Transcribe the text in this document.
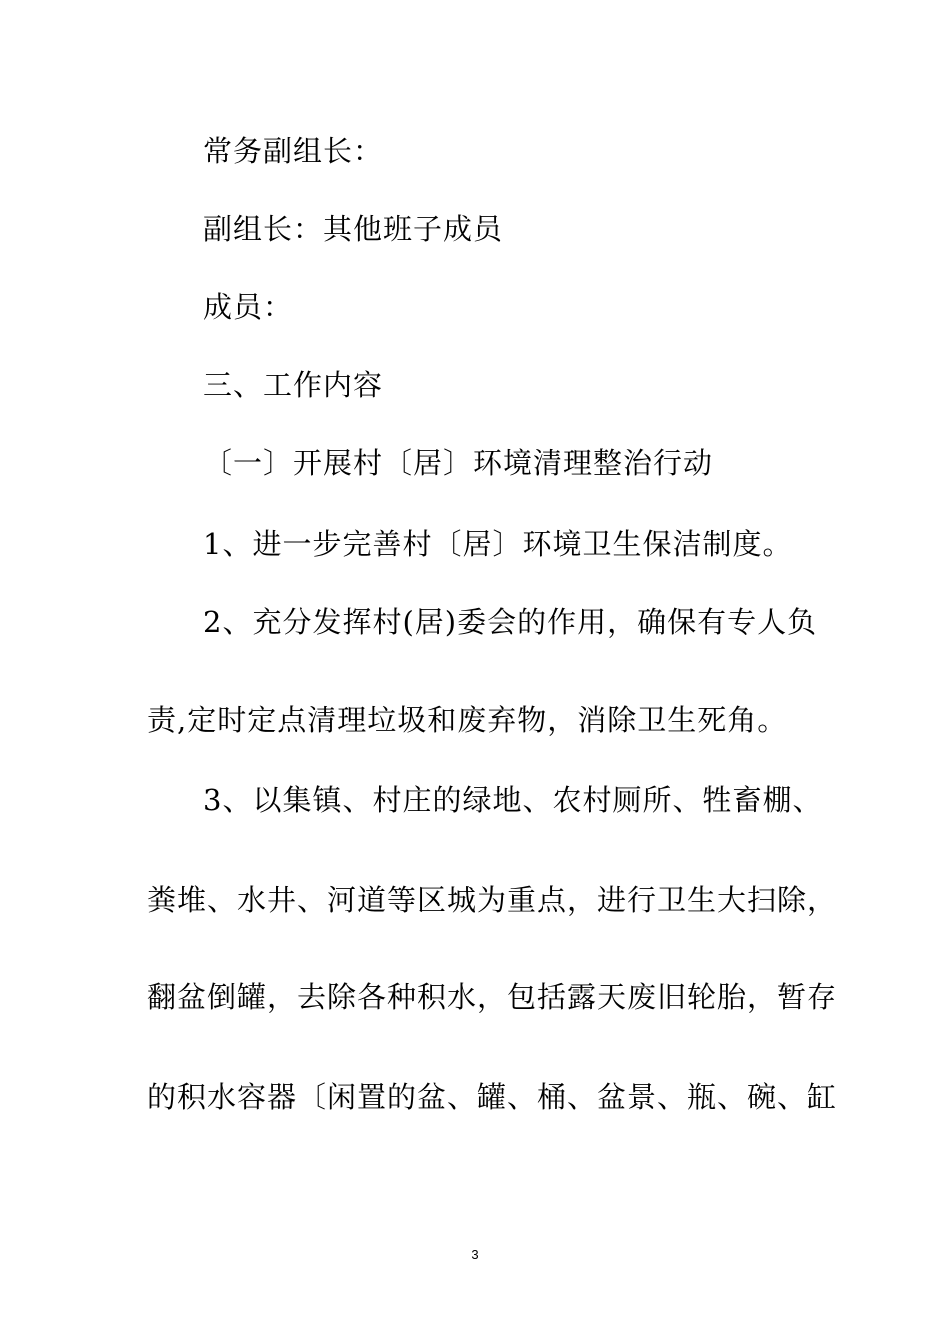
常务副组长：
副组长：其他班子成员
成员：
三、工作内容
〔一〕开展村〔居〕环境清理整治行动
1、进一步完善村〔居〕环境卫生保洁制度。
2、充分发挥村(居)委会的作用，确保有专人负
责,定时定点清理垃圾和废弃物，消除卫生死角。
3、以集镇、村庄的绿地、农村厕所、牲畜棚、
粪堆、水井、河道等区城为重点，进行卫生大扫除，
翻盆倒罐，去除各种积水，包括露天废旧轮胎，暂存
的积水容器〔闲置的盆、罐、桶、盆景、瓶、碗、缸
3
